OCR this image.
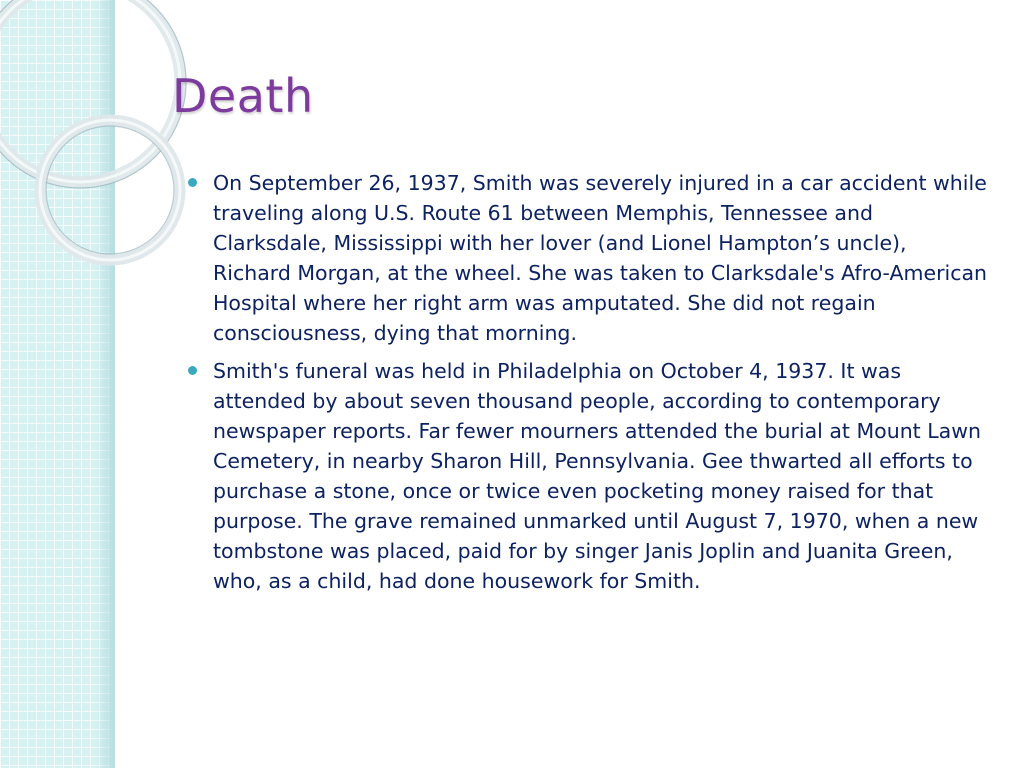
Death
On September 26, 1937, Smith was severely injured in a car accident while traveling along U.S. Route 61 between Memphis, Tennessee and Clarksdale, Mississippi with her lover (and Lionel Hampton’s uncle), Richard Morgan, at the wheel. She was taken to Clarksdale's Afro-American Hospital where her right arm was amputated. She did not regain consciousness, dying that morning.
Smith's funeral was held in Philadelphia on October 4, 1937. It was attended by about seven thousand people, according to contemporary newspaper reports. Far fewer mourners attended the burial at Mount Lawn Cemetery, in nearby Sharon Hill, Pennsylvania. Gee thwarted all efforts to purchase a stone, once or twice even pocketing money raised for that purpose. The grave remained unmarked until August 7, 1970, when a new tombstone was placed, paid for by singer Janis Joplin and Juanita Green, who, as a child, had done housework for Smith.
